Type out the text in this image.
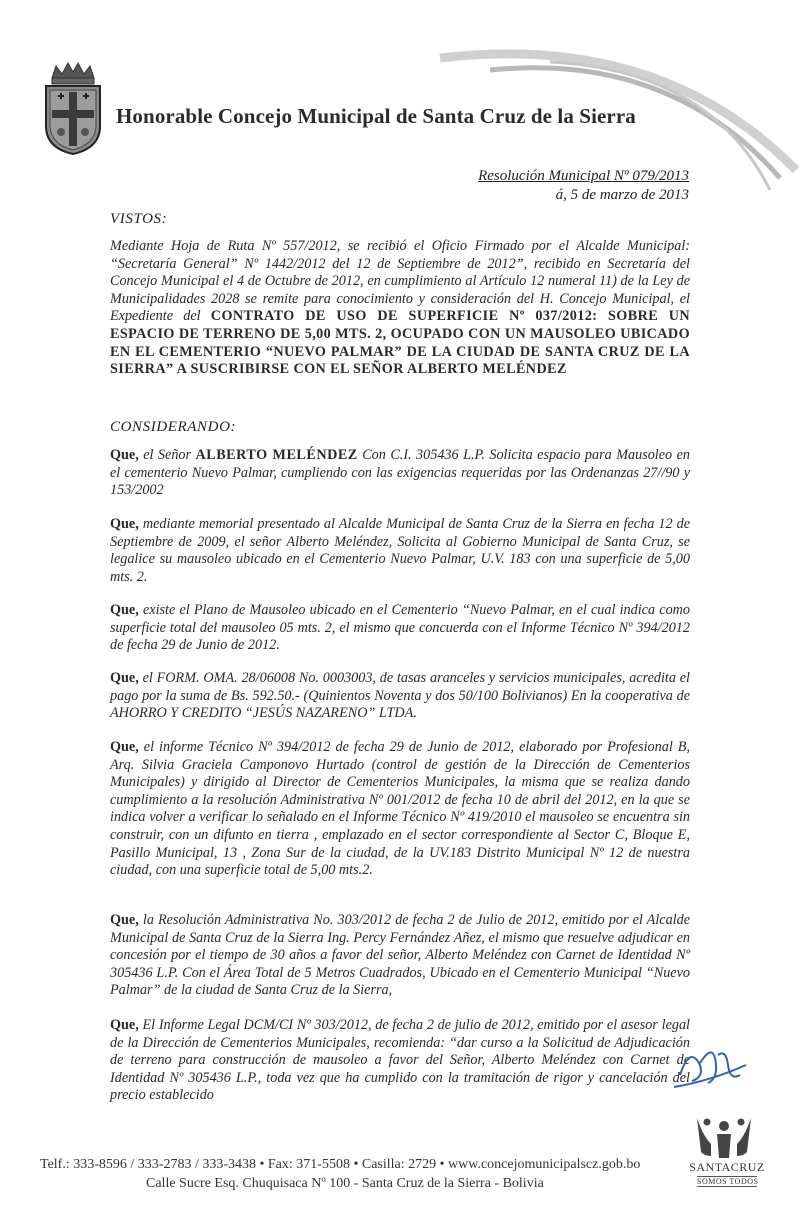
Honorable Concejo Municipal de Santa Cruz de la Sierra
Resolución Municipal Nº 079/2013
á, 5 de marzo de 2013
VISTOS:
Mediante Hoja de Ruta Nº 557/2012, se recibió el Oficio Firmado por el Alcalde Municipal: “Secretaría General” Nº 1442/2012 del 12 de Septiembre de 2012”, recibido en Secretaría del Concejo Municipal el 4 de Octubre de 2012, en cumplimiento al Artículo 12 numeral 11) de la Ley de Municipalidades 2028 se remite para conocimiento y consideración del H. Concejo Municipal, el Expediente del CONTRATO DE USO DE SUPERFICIE Nº 037/2012: SOBRE UN ESPACIO DE TERRENO DE 5,00 MTS. 2, OCUPADO CON UN MAUSOLEO UBICADO EN EL CEMENTERIO “NUEVO PALMAR” DE LA CIUDAD DE SANTA CRUZ DE LA SIERRA” A SUSCRIBIRSE CON EL SEÑOR ALBERTO MELÉNDEZ
CONSIDERANDO:
Que, el Señor ALBERTO MELÉNDEZ Con C.I. 305436 L.P. Solicita espacio para Mausoleo en el cementerio Nuevo Palmar, cumpliendo con las exigencias requeridas por las Ordenanzas 27//90 y 153/2002
Que, mediante memorial presentado al Alcalde Municipal de Santa Cruz de la Sierra en fecha 12 de Septiembre de 2009, el señor Alberto Meléndez, Solicita al Gobierno Municipal de Santa Cruz, se legalice su mausoleo ubicado en el Cementerio Nuevo Palmar, U.V. 183 con una superficie de 5,00 mts. 2.
Que, existe el Plano de Mausoleo ubicado en el Cementerio “Nuevo Palmar, en el cual indica como superficie total del mausoleo 05 mts. 2, el mismo que concuerda con el Informe Técnico Nº 394/2012 de fecha 29 de Junio de 2012.
Que, el FORM. OMA. 28/06008 No. 0003003, de tasas aranceles y servicios municipales, acredita el pago por la suma de Bs. 592.50.- (Quinientos Noventa y dos 50/100 Bolivianos) En la cooperativa de AHORRO Y CREDITO “JESÚS NAZARENO” LTDA.
Que, el informe Técnico Nº 394/2012 de fecha 29 de Junio de 2012, elaborado por Profesional B, Arq. Silvia Graciela Camponovo Hurtado (control de gestión de la Dirección de Cementerios Municipales) y dirigido al Director de Cementerios Municipales, la misma que se realiza dando cumplimiento a la resolución Administrativa Nº 001/2012 de fecha 10 de abril del 2012, en la que se indica volver a verificar lo señalado en el Informe Técnico Nº 419/2010 el mausoleo se encuentra sin construir, con un difunto en tierra , emplazado en el sector correspondiente al Sector C, Bloque E, Pasillo Municipal, 13 , Zona Sur de la ciudad, de la UV.183 Distrito Municipal Nº 12 de nuestra ciudad, con una superficie total de 5,00 mts.2.
Que, la Resolución Administrativa No. 303/2012 de fecha 2 de Julio de 2012, emitido por el Alcalde Municipal de Santa Cruz de la Sierra Ing. Percy Fernández Añez, el mismo que resuelve adjudicar en concesión por el tiempo de 30 años a favor del señor, Alberto Meléndez con Carnet de Identidad Nº 305436 L.P. Con el Área Total de 5 Metros Cuadrados, Ubicado en el Cementerio Municipal “Nuevo Palmar” de la ciudad de Santa Cruz de la Sierra,
Que, El Informe Legal DCM/CI Nº 303/2012, de fecha 2 de julio de 2012, emitido por el asesor legal de la Dirección de Cementerios Municipales, recomienda: “dar curso a la Solicitud de Adjudicación de terreno para construcción de mausoleo a favor del Señor, Alberto Meléndez con Carnet de Identidad Nº 305436 L.P., toda vez que ha cumplido con la tramitación de rigor y cancelación del precio establecido
Telf.: 333-8596 / 333-2783 / 333-3438 • Fax: 371-5508 • Casilla: 2729 • www.concejomunicipalscz.gob.bo
Calle Sucre Esq. Chuquisaca Nº 100 - Santa Cruz de la Sierra - Bolivia
SANTACRUZ
SOMOS TODOS
